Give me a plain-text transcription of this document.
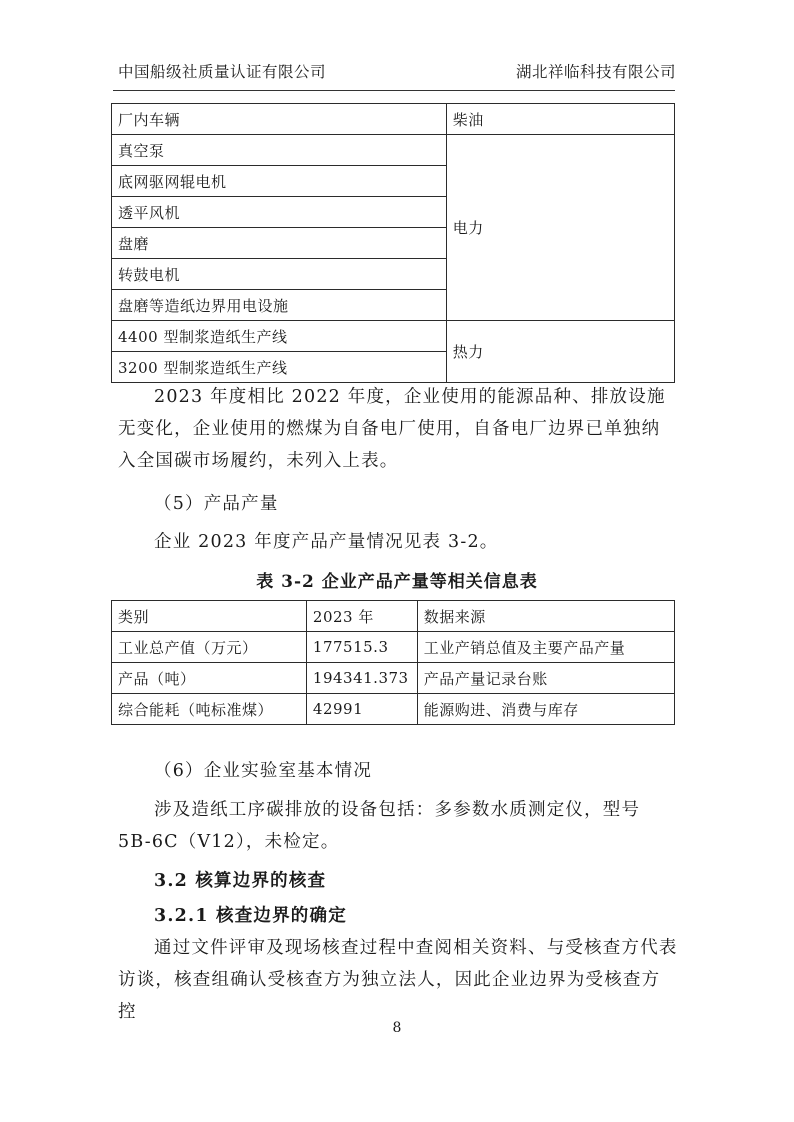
中国船级社质量认证有限公司	湖北祥临科技有限公司
厂内车辆	柴油
真空泵	电力
底网驱网辊电机	
透平风机	
盘磨	
转鼓电机	
盘磨等造纸边界用电设施	
4400 型制浆造纸生产线	热力
3200 型制浆造纸生产线	
2023 年度相比 2022 年度，企业使用的能源品种、排放设施无变化，企业使用的燃煤为自备电厂使用，自备电厂边界已单独纳入全国碳市场履约，未列入上表。
（5）产品产量
企业 2023 年度产品产量情况见表 3-2。
表 3-2 企业产品产量等相关信息表
类别	2023 年	数据来源
工业总产值（万元）	177515.3	工业产销总值及主要产品产量
产品（吨）	194341.373	产品产量记录台账
综合能耗（吨标准煤）	42991	能源购进、消费与库存
（6）企业实验室基本情况
涉及造纸工序碳排放的设备包括：多参数水质测定仪，型号 5B-6C（V12），未检定。
3.2 核算边界的核查
3.2.1 核查边界的确定
通过文件评审及现场核查过程中查阅相关资料、与受核查方代表访谈，核查组确认受核查方为独立法人，因此企业边界为受核查方控
8
